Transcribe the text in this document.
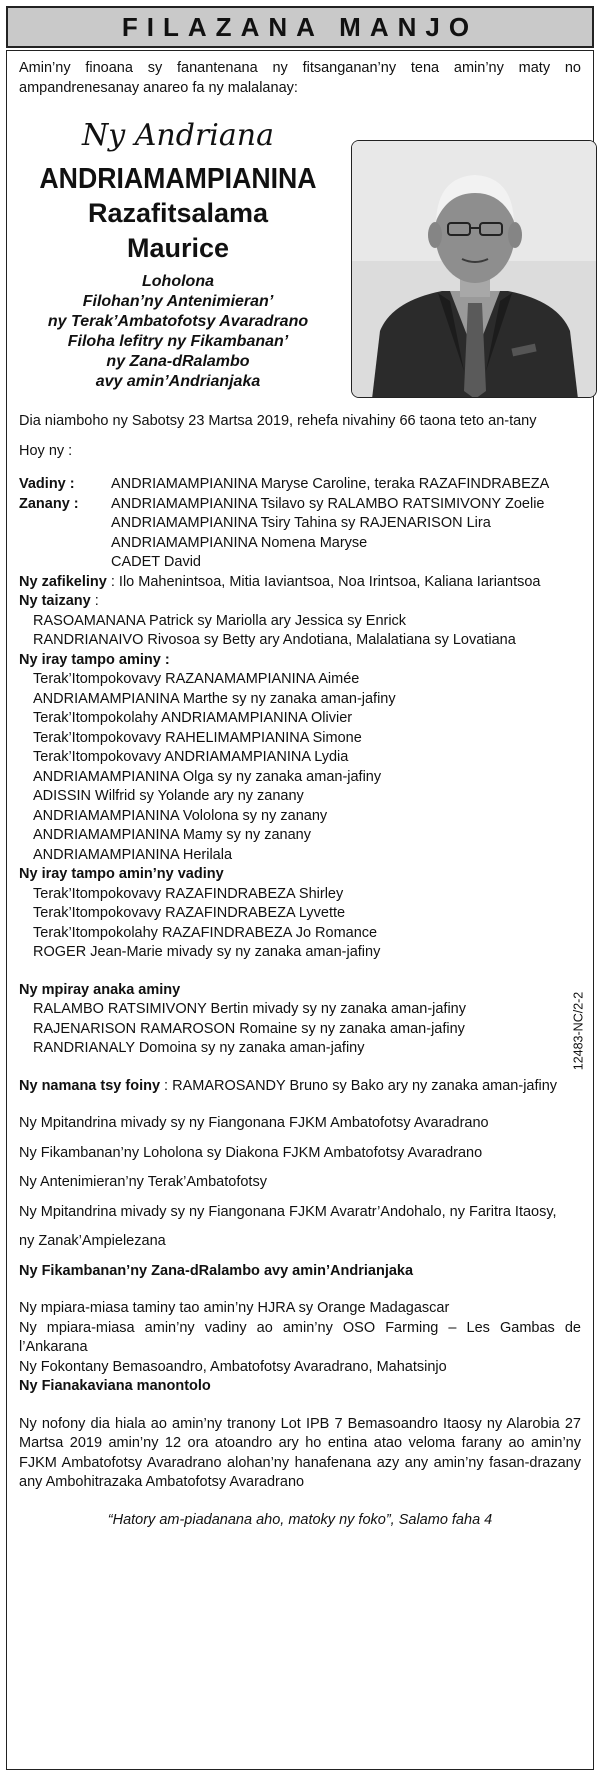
FILAZANA MANJO

Amin’ny finoana sy fanantenana ny fitsanganan’ny tena amin’ny maty no ampandrenesanay anareo fa ny malalanay:

Ny Andriana
ANDRIAMAMPIANINA
Razafitsalama
Maurice
Loholona
Filohan’ny Antenimieran’
ny Terak’Ambatofotsy Avaradrano
Filoha lefitry ny Fikambanan’
ny Zana-dRalambo
avy amin’Andrianjaka

Dia niamboho ny Sabotsy 23 Martsa 2019, rehefa nivahiny 66 taona teto an-tany

Hoy ny :

Vadiny :	ANDRIAMAMPIANINA Maryse Caroline, teraka RAZAFINDRABEZA
Zanany :	ANDRIAMAMPIANINA Tsilavo sy RALAMBO RATSIMIVONY Zoelie
ANDRIAMAMPIANINA Tsiry Tahina sy RAJENARISON Lira
ANDRIAMAMPIANINA Nomena Maryse
CADET David

Ny zafikeliny : Ilo Mahenintsoa, Mitia Iaviantsoa, Noa Irintsoa, Kaliana Iariantsoa

Ny taizany :

RASOAMANANA Patrick sy Mariolla ary Jessica sy Enrick
RANDRIANAIVO Rivosoa sy Betty ary Andotiana, Malalatiana sy Lovatiana

Ny iray tampo aminy :

Terak’Itompokovavy RAZANAMAMPIANINA Aimée
ANDRIAMAMPIANINA Marthe sy ny zanaka aman-jafiny
Terak’Itompokolahy ANDRIAMAMPIANINA Olivier
Terak’Itompokovavy RAHELIMAMPIANINA Simone
Terak’Itompokovavy ANDRIAMAMPIANINA Lydia
ANDRIAMAMPIANINA Olga sy ny zanaka aman-jafiny
ADISSIN Wilfrid sy Yolande ary ny zanany
ANDRIAMAMPIANINA Vololona sy ny zanany
ANDRIAMAMPIANINA Mamy sy ny zanany
ANDRIAMAMPIANINA Herilala

Ny iray tampo amin’ny vadiny

Terak’Itompokovavy RAZAFINDRABEZA Shirley
Terak’Itompokovavy RAZAFINDRABEZA Lyvette
Terak’Itompokolahy RAZAFINDRABEZA Jo Romance
ROGER Jean-Marie mivady sy ny zanaka aman-jafiny

Ny mpiray anaka aminy

RALAMBO RATSIMIVONY Bertin mivady sy ny zanaka aman-jafiny
RAJENARISON RAMAROSON Romaine sy ny zanaka aman-jafiny
RANDRIANALY Domoina sy ny zanaka aman-jafiny

Ny namana tsy foiny : RAMAROSANDY Bruno sy Bako ary ny zanaka aman-jafiny

Ny Mpitandrina mivady sy ny Fiangonana FJKM Ambatofotsy Avaradrano

Ny Fikambanan’ny Loholona sy Diakona FJKM Ambatofotsy Avaradrano

Ny Antenimieran’ny Terak’Ambatofotsy

Ny Mpitandrina mivady sy ny Fiangonana FJKM Avaratr’Andohalo, ny Faritra Itaosy,

ny Zanak’Ampielezana

Ny Fikambanan’ny Zana-dRalambo avy amin’Andrianjaka

Ny mpiara-miasa taminy tao amin’ny HJRA sy Orange Madagascar

Ny mpiara-miasa amin’ny vadiny ao amin’ny OSO Farming – Les Gambas de l’Ankarana

Ny Fokontany Bemasoandro, Ambatofotsy Avaradrano, Mahatsinjo

Ny Fianakaviana manontolo

Ny nofony dia hiala ao amin’ny tranony Lot IPB 7 Bemasoandro Itaosy ny Alarobia 27 Martsa 2019 amin’ny 12 ora atoandro ary ho entina atao veloma farany ao amin’ny FJKM Ambatofotsy Avaradrano alohan’ny hanafenana azy any amin’ny fasan-drazany any Ambohitrazaka Ambatofotsy Avaradrano

“Hatory am-piadanana aho, matoky ny foko”, Salamo faha 4

12483-NC/2-2
